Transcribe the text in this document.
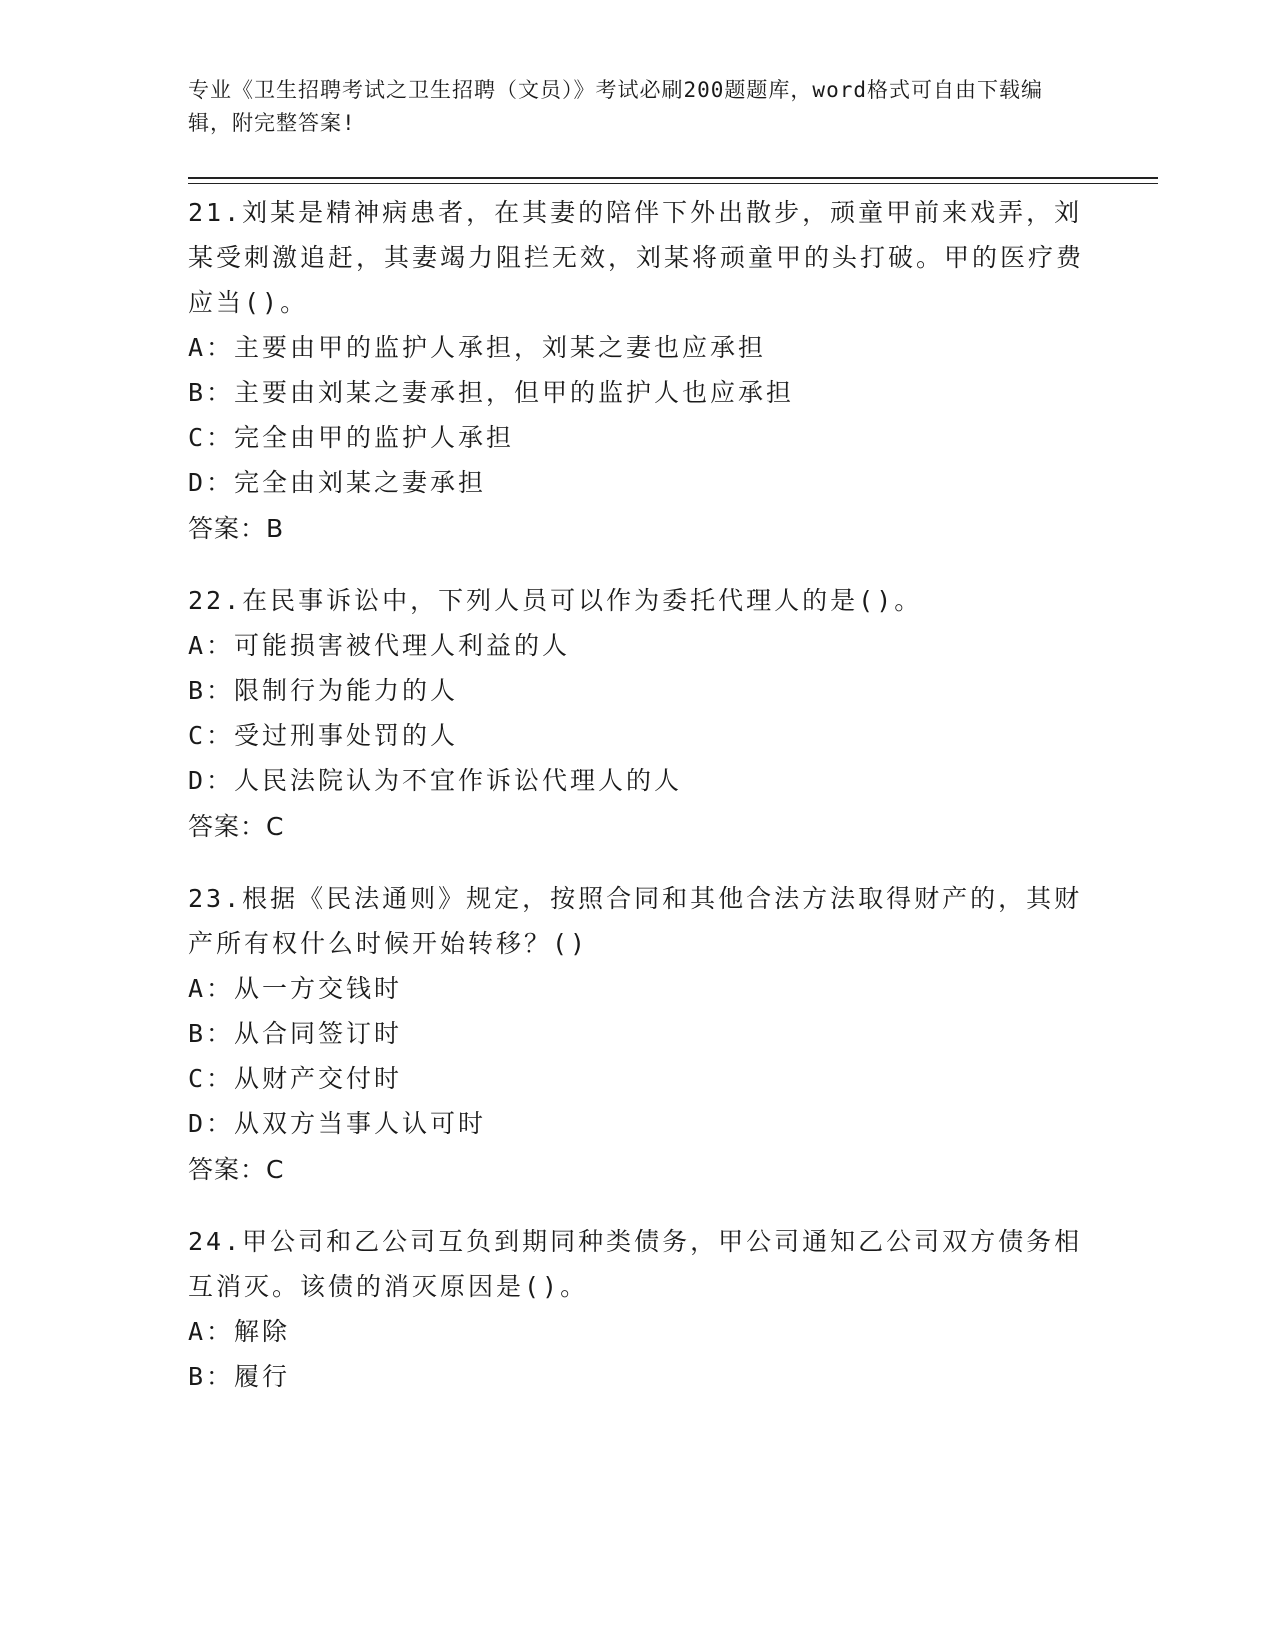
专业《卫生招聘考试之卫生招聘（文员）》考试必刷200题题库，word格式可自由下载编辑，附完整答案!
21.刘某是精神病患者，在其妻的陪伴下外出散步，顽童甲前来戏弄，刘某受刺激追赶，其妻竭力阻拦无效，刘某将顽童甲的头打破。甲的医疗费应当()。
A：主要由甲的监护人承担，刘某之妻也应承担
B：主要由刘某之妻承担，但甲的监护人也应承担
C：完全由甲的监护人承担
D：完全由刘某之妻承担
答案：B
22.在民事诉讼中，下列人员可以作为委托代理人的是()。
A：可能损害被代理人利益的人
B：限制行为能力的人
C：受过刑事处罚的人
D：人民法院认为不宜作诉讼代理人的人
答案：C
23.根据《民法通则》规定，按照合同和其他合法方法取得财产的，其财产所有权什么时候开始转移？()
A：从一方交钱时
B：从合同签订时
C：从财产交付时
D：从双方当事人认可时
答案：C
24.甲公司和乙公司互负到期同种类债务，甲公司通知乙公司双方债务相互消灭。该债的消灭原因是()。
A：解除
B：履行
